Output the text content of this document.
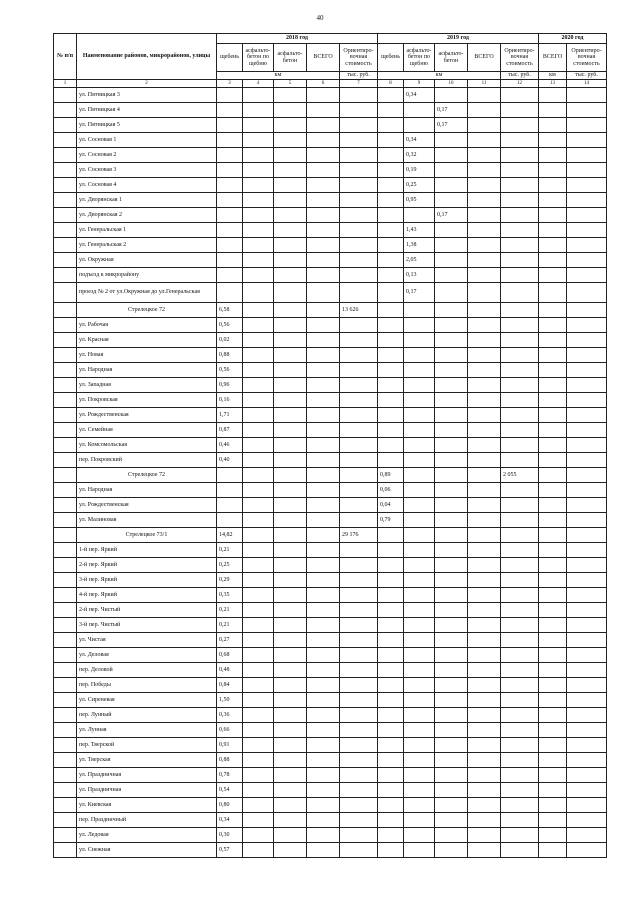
40
№ п/п	Наименование районов, микрорайонов, улицы	2018 год					2019 год					2020 год	
		щебень	асфальто-бетон по щебню	асфальто-бетон	ВСЕГО	Ориентиро-вочная стоимость	щебень	асфальто-бетон по щебню	асфальто-бетон	ВСЕГО	Ориентиро-вочная стоимость	ВСЕГО	Ориентиро-вочная стоимость
		км				тыс. руб.	км				тыс. руб.	км	тыс. руб.
1	2	3	4	5	6	7	8	9	10	11	12	13	14
	ул. Пятницкая 3							0,34					
	ул. Пятницкая 4								0,17				
	ул. Пятницкая 5								0,17				
	ул. Сосновая 1							0,34					
	ул. Сосновая 2							0,32					
	ул. Сосновая 3							0,19					
	ул. Сосновая 4							0,25					
	ул. Дворянская 1							0,95					
	ул. Дворянская 2								0,17				
	ул. Генеральская 1							1,43					
	ул. Генеральская 2							1,38					
	ул. Окружная							2,05					
	подъезд к микрорайону							0,13					
	проезд № 2 от ул.Окружная до ул.Генеральская							0,17					
	Стрелецкое 72	6,58				13 626							
	ул. Рабочая	0,56											
	ул. Красная	0,02											
	ул. Новая	0,88											
	ул. Народная	0,56											
	ул. Западная	0,96											
	ул. Покровская	0,16											
	ул. Рождественская	1,71											
	ул. Семейная	0,87											
	ул. Комсомольская	0,46											
	пер. Покровский	0,40											
	Стрелецкое 72						0,89				2 055		
	ул. Народная						0,06						
	ул. Рождественская						0,04						
	ул. Малиновая						0,79						
	Стрелецкое 73/1	14,82				29 176							
	1-й пер. Яркий	0,21											
	2-й пер. Яркий	0,25											
	3-й пер. Яркий	0,29											
	4-й пер. Яркий	0,35											
	2-й пер. Чистый	0,21											
	3-й пер. Чистый	0,21											
	ул. Чистая	0,27											
	ул. Деловая	0,68											
	пер. Деловой	0,48											
	пер. Победы	0,84											
	ул. Сиреневая	1,50											
	пер. Лунный	0,36											
	ул. Лунная	0,66											
	пер. Тверской	0,91											
	ул. Тверская	0,88											
	ул. Праздничная	0,78											
	ул. Праздничная	0,54											
	ул. Киевская	0,80											
	пер. Праздничный	0,34											
	ул. Ледовая	0,30											
	ул. Снежная	0,57											
